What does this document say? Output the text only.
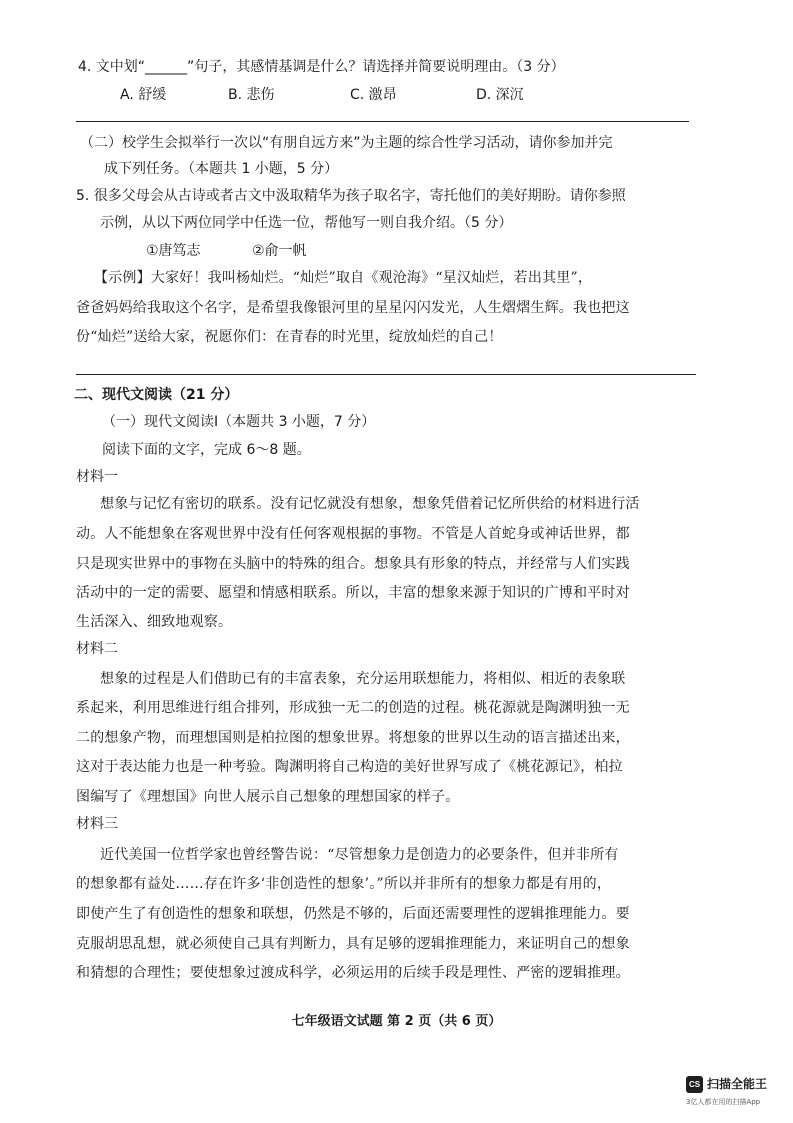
4. 文中划“______”句子，其感情基调是什么？请选择并简要说明理由。（3 分）
A. 舒缓	B. 悲伤	C. 激昂	D. 深沉
（二）校学生会拟举行一次以“有朋自远方来”为主题的综合性学习活动，请你参加并完
成下列任务。（本题共 1 小题，5 分）
5. 很多父母会从古诗或者古文中汲取精华为孩子取名字，寄托他们的美好期盼。请你参照
示例，从以下两位同学中任选一位，帮他写一则自我介绍。（5 分）
①唐笃志	②俞一帆
【示例】大家好！我叫杨灿烂。“灿烂”取自《观沧海》“星汉灿烂，若出其里”，
爸爸妈妈给我取这个名字，是希望我像银河里的星星闪闪发光，人生熠熠生辉。我也把这
份“灿烂”送给大家，祝愿你们：在青春的时光里，绽放灿烂的自己！
二、现代文阅读（21 分）
（一）现代文阅读Ⅰ（本题共 3 小题，7 分）
阅读下面的文字，完成 6～8 题。
材料一
想象与记忆有密切的联系。没有记忆就没有想象，想象凭借着记忆所供给的材料进行活
动。人不能想象在客观世界中没有任何客观根据的事物。不管是人首蛇身或神话世界，都
只是现实世界中的事物在头脑中的特殊的组合。想象具有形象的特点，并经常与人们实践
活动中的一定的需要、愿望和情感相联系。所以，丰富的想象来源于知识的广博和平时对
生活深入、细致地观察。
材料二
想象的过程是人们借助已有的丰富表象，充分运用联想能力，将相似、相近的表象联
系起来，利用思维进行组合排列，形成独一无二的创造的过程。桃花源就是陶渊明独一无
二的想象产物，而理想国则是柏拉图的想象世界。将想象的世界以生动的语言描述出来，
这对于表达能力也是一种考验。陶渊明将自己构造的美好世界写成了《桃花源记》，柏拉
图编写了《理想国》向世人展示自己想象的理想国家的样子。
材料三
近代美国一位哲学家也曾经警告说：“尽管想象力是创造力的必要条件，但并非所有
的想象都有益处……存在许多‘非创造性的想象’。”所以并非所有的想象力都是有用的，
即使产生了有创造性的想象和联想，仍然是不够的，后面还需要理性的逻辑推理能力。要
克服胡思乱想，就必须使自己具有判断力，具有足够的逻辑推理能力，来证明自己的想象
和猜想的合理性；要使想象过渡成科学，必须运用的后续手段是理性、严密的逻辑推理。
七年级语文试题 第 2 页（共 6 页）
CS 扫描全能王
3亿人都在用的扫描App
